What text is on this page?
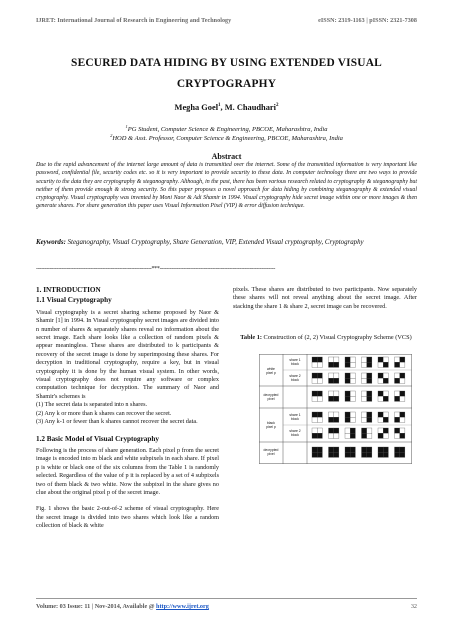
IJRET: International Journal of Research in Engineering and Technology	eISSN: 2319-1163 | pISSN: 2321-7308
SECURED DATA HIDING BY USING EXTENDED VISUAL
CRYPTOGRAPHY
Megha Goel$^1$, M. Chaudhari$^2$
$^1$PG Student, Computer Science & Engineering, PBCOE, Maharashtra, India
$^2$HOD & Asst. Professor, Computer Science & Engineering, PBCOE, Maharashtra, India
Abstract
Due to the rapid advancement of the internet large amount of data is transmitted over the internet. Some of the transmitted information is very important like password, confidential file, security codes etc. so it is very important to provide security to these data. In computer technology there are two ways to provide security to the data they are cryptography & steganography. Although, in the past, there has been various research related to cryptography & steganography but neither of them provide enough & strong security. So this paper proposes a novel approach for data hiding by combining steganography & extended visual cryptography. Visual cryptography was invented by Moni Naor & Adi Shamir in 1994. Visual cryptography hide secret image within one or more images & then generate shares. For share generation this paper uses Visual Information Pixel (VIP) & error diffusion technique.
Keywords: Steganography, Visual Cryptography, Share Generation, VIP, Extended Visual cryptography, Cryptography
--------------------------------------------------------------------***--------------------------------------------------------------------

1. INTRODUCTION

1.1 Visual Cryptography

Visual cryptography is a secret sharing scheme proposed by Naor & Shamir [1] in 1994. In Visual cryptography secret images are divided into n number of shares & separately shares reveal no information about the secret image. Each share looks like a collection of random pixels & appear meaningless. These shares are distributed to k participants & recovery of the secret image is done by superimposing these shares. For decryption in traditional cryptography, require a key, but in visual cryptography it is done by the human visual system. In other words, visual cryptography does not require any software or complex computation technique for decryption. The summary of Naor and Shamir's schemes is

(1) The secret data is separated into n shares.

(2) Any k or more than k shares can recover the secret.

(3) Any k-1 or fewer than k shares cannot recover the secret data.

1.2 Basic Model of Visual Cryptography

Following is the process of share generation. Each pixel p from the secret image is encoded into m black and white subpixels in each share. If pixel p is white or black one of the six columns from the Table 1 is randomly selected. Regardless of the value of p it is replaced by a set of 4 subpixels two of them black & two white. Now the subpixel in the share gives no clue about the original pixel p of the secret image.

Fig. 1 shows the basic 2-out-of-2 scheme of visual cryptography. Here the secret image is divided into two shares which look like a random collection of black & white

pixels. These shares are distributed to two participants. Now separately these shares will not reveal anything about the secret image. After stacking the share 1 & share 2, secret image can be recovered.
Table 1: Construction of (2, 2) Visual Cryptography Scheme (VCS)
white
pixel p
share 1
block
share 2
block
decrypted
pixel
black
pixel p
share 1
block
share 2
block
decrypted
pixel
Volume: 03 Issue: 11 | Nov-2014, Available @ http://www.ijret.org	32
